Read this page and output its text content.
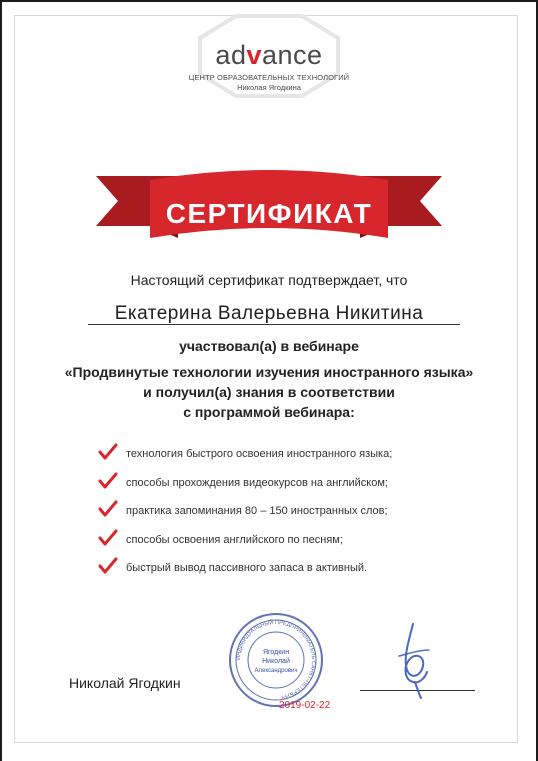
advance
ЦЕНТР ОБРАЗОВАТЕЛЬНЫХ ТЕХНОЛОГИЙ
Николая Ягодкина
СЕРТИФИКАТ
Настоящий сертификат подтверждает, что
Екатерина Валерьевна Никитина
участвовал(а) в вебинаре
«Продвинутые технологии изучения иностранного языка»
и получил(а) знания в соответствии
с программой вебинара:
технология быстрого освоения иностранного языка;
способы прохождения видеокурсов на английском;
практика запоминания 80 – 150 иностранных слов;
способы освоения английского по песням;
быстрый вывод пассивного запаса в активный.
Николай Ягодкин
ИНДИВИДУАЛЬНЫЙ ПРЕДПРИНИМАТЕЛЬ САНКТ-ПЕТЕРБУРГ
Ягодкин
Николай
Александрович
2019-02-22
